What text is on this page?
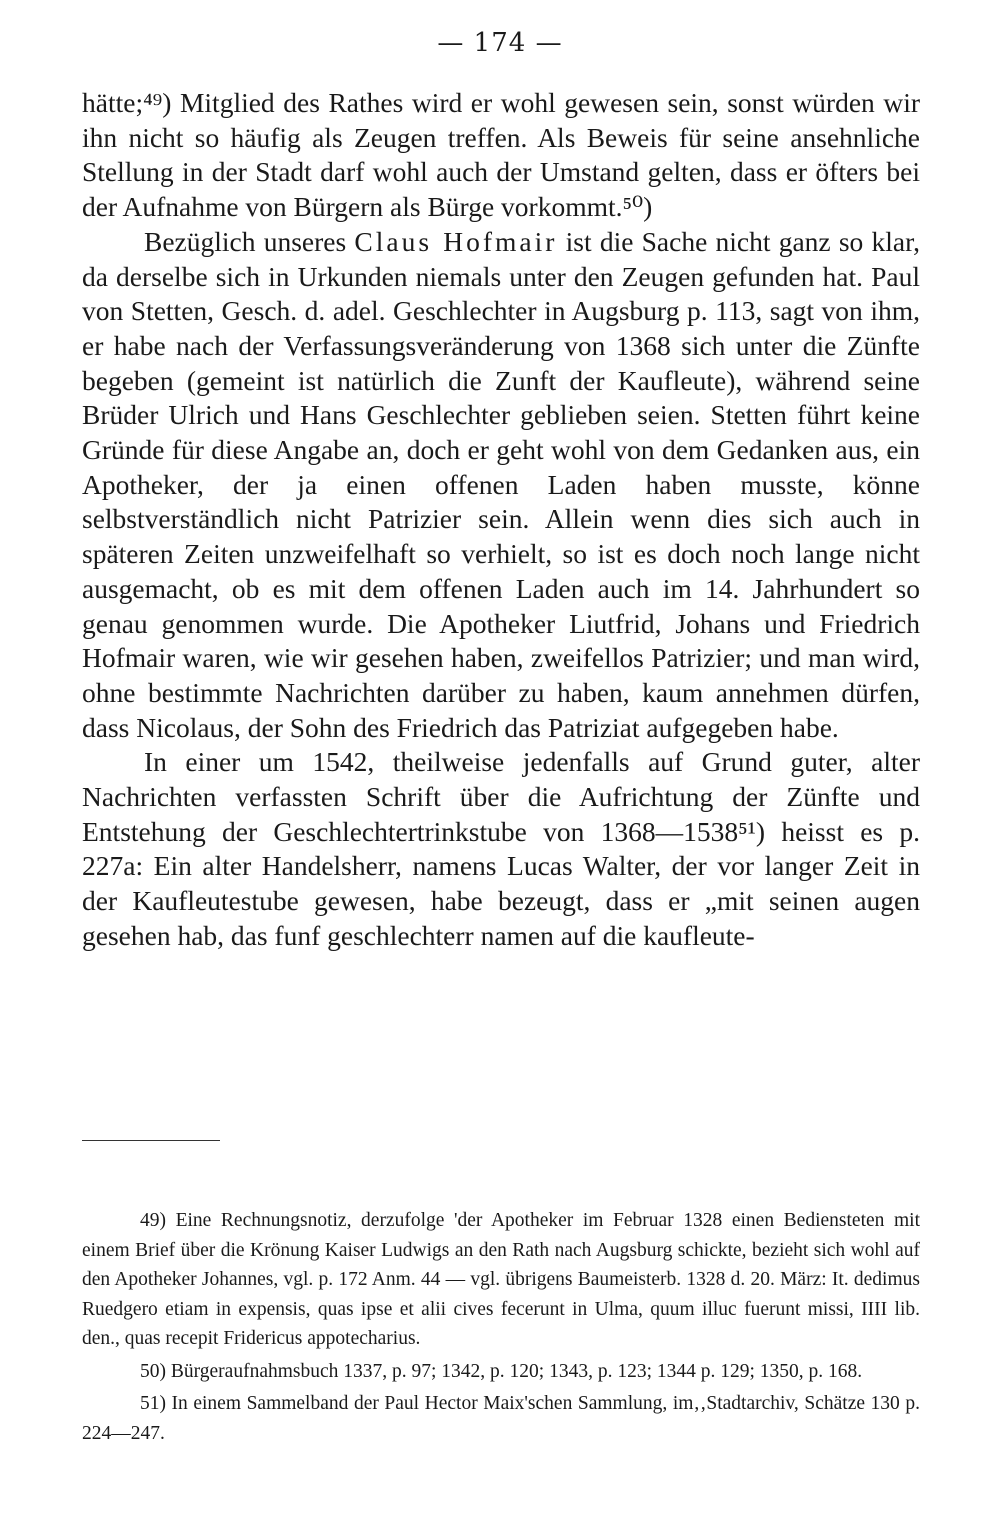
— 174 —

hätte;⁴⁹) Mitglied des Rathes wird er wohl gewesen sein, sonst würden wir ihn nicht so häufig als Zeugen treffen. Als Beweis für seine ansehnliche Stellung in der Stadt darf wohl auch der Umstand gelten, dass er öfters bei der Aufnahme von Bürgern als Bürge vorkommt.⁵⁰)

Bezüglich unseres Claus Hofmair ist die Sache nicht ganz so klar, da derselbe sich in Urkunden niemals unter den Zeugen gefunden hat. Paul von Stetten, Gesch. d. adel. Geschlechter in Augsburg p. 113, sagt von ihm, er habe nach der Verfassungsveränderung von 1368 sich unter die Zünfte begeben (gemeint ist natürlich die Zunft der Kaufleute), während seine Brüder Ulrich und Hans Geschlechter geblieben seien. Stetten führt keine Gründe für diese Angabe an, doch er geht wohl von dem Gedanken aus, ein Apotheker, der ja einen offenen Laden haben musste, könne selbstverständlich nicht Patrizier sein. Allein wenn dies sich auch in späteren Zeiten unzweifelhaft so verhielt, so ist es doch noch lange nicht ausgemacht, ob es mit dem offenen Laden auch im 14. Jahrhundert so genau genommen wurde. Die Apotheker Liutfrid, Johans und Friedrich Hofmair waren, wie wir gesehen haben, zweifellos Patrizier; und man wird, ohne bestimmte Nachrichten darüber zu haben, kaum annehmen dürfen, dass Nicolaus, der Sohn des Friedrich das Patriziat aufgegeben habe.

In einer um 1542, theilweise jedenfalls auf Grund guter, alter Nachrichten verfassten Schrift über die Aufrichtung der Zünfte und Entstehung der Geschlechtertrinkstube von 1368—1538⁵¹) heisst es p. 227a: Ein alter Handelsherr, namens Lucas Walter, der vor langer Zeit in der Kaufleutestube gewesen, habe bezeugt, dass er „mit seinen augen gesehen hab, das funf geschlechterr namen auf die kaufleute-

49) Eine Rechnungsnotiz, derzufolge 'der Apotheker im Februar 1328 einen Bediensteten mit einem Brief über die Krönung Kaiser Ludwigs an den Rath nach Augsburg schickte, bezieht sich wohl auf den Apotheker Johannes, vgl. p. 172 Anm. 44 — vgl. übrigens Baumeisterb. 1328 d. 20. März: It. dedimus Ruedgero etiam in expensis, quas ipse et alii cives fecerunt in Ulma, quum illuc fuerunt missi, IIII lib. den., quas recepit Fridericus appotecharius.

50) Bürgeraufnahmsbuch 1337, p. 97; 1342, p. 120; 1343, p. 123; 1344 p. 129; 1350, p. 168.

51) In einem Sammelband der Paul Hector Maix'schen Sammlung, im‚‚Stadtarchiv, Schätze 130 p. 224—247.
